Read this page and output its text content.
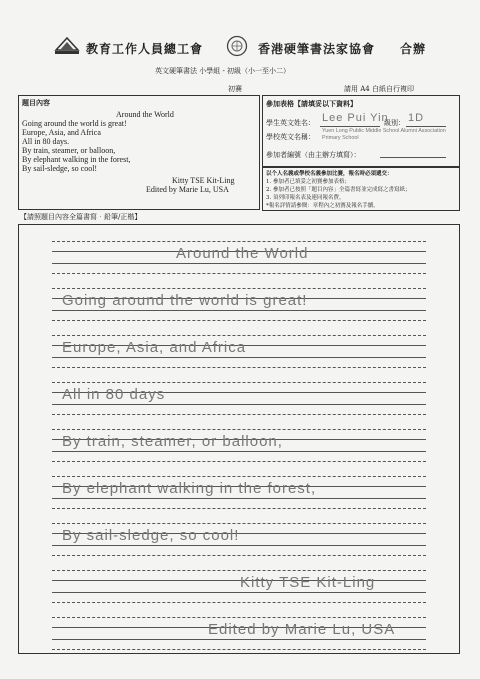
教育工作人員總工會	香港硬筆書法家協會 合辦
英文硬筆書法 小學組 - 初級（小一至小二）
初賽	請用 A4 白紙自行複印
題目內容
Around the World
Going around the world is great!
Europe, Asia, and Africa
All in 80 days.
By train, steamer, or balloon,
By elephant walking in the forest,
By sail-sledge, so cool!
Kitty TSE Kit-Ling
Edited by Marie Lu, USA
【請照題目內容全篇書寫‧鉛筆/正楷】
參加表格【請填妥以下資料】
學生英文姓名： Lee Pui Yin
級別： 1D
學校英文名稱：
Yuen Long Public Middle School Alumni Association Primary School
參加者編號（由主辦方填寫）：
以个人名義或學校名義參加比賽，報名時必須遞交：
1. 參加者已填妥之初賽參加表格；
2. 參加者已按照「題目內容」全篇書寫並完成寫之書寫紙；
3. 須列印報名表及連同報名費。
*報名詳情請參閱：章程內之初賽及報名手續。
Around the World
Going around the world is great!
Europe, Asia, and Africa
All in 80 days
By train, steamer, or balloon,
By elephant walking in the forest,
By sail-sledge, so cool!
Kitty TSE Kit-Ling
Edited by Marie Lu, USA
